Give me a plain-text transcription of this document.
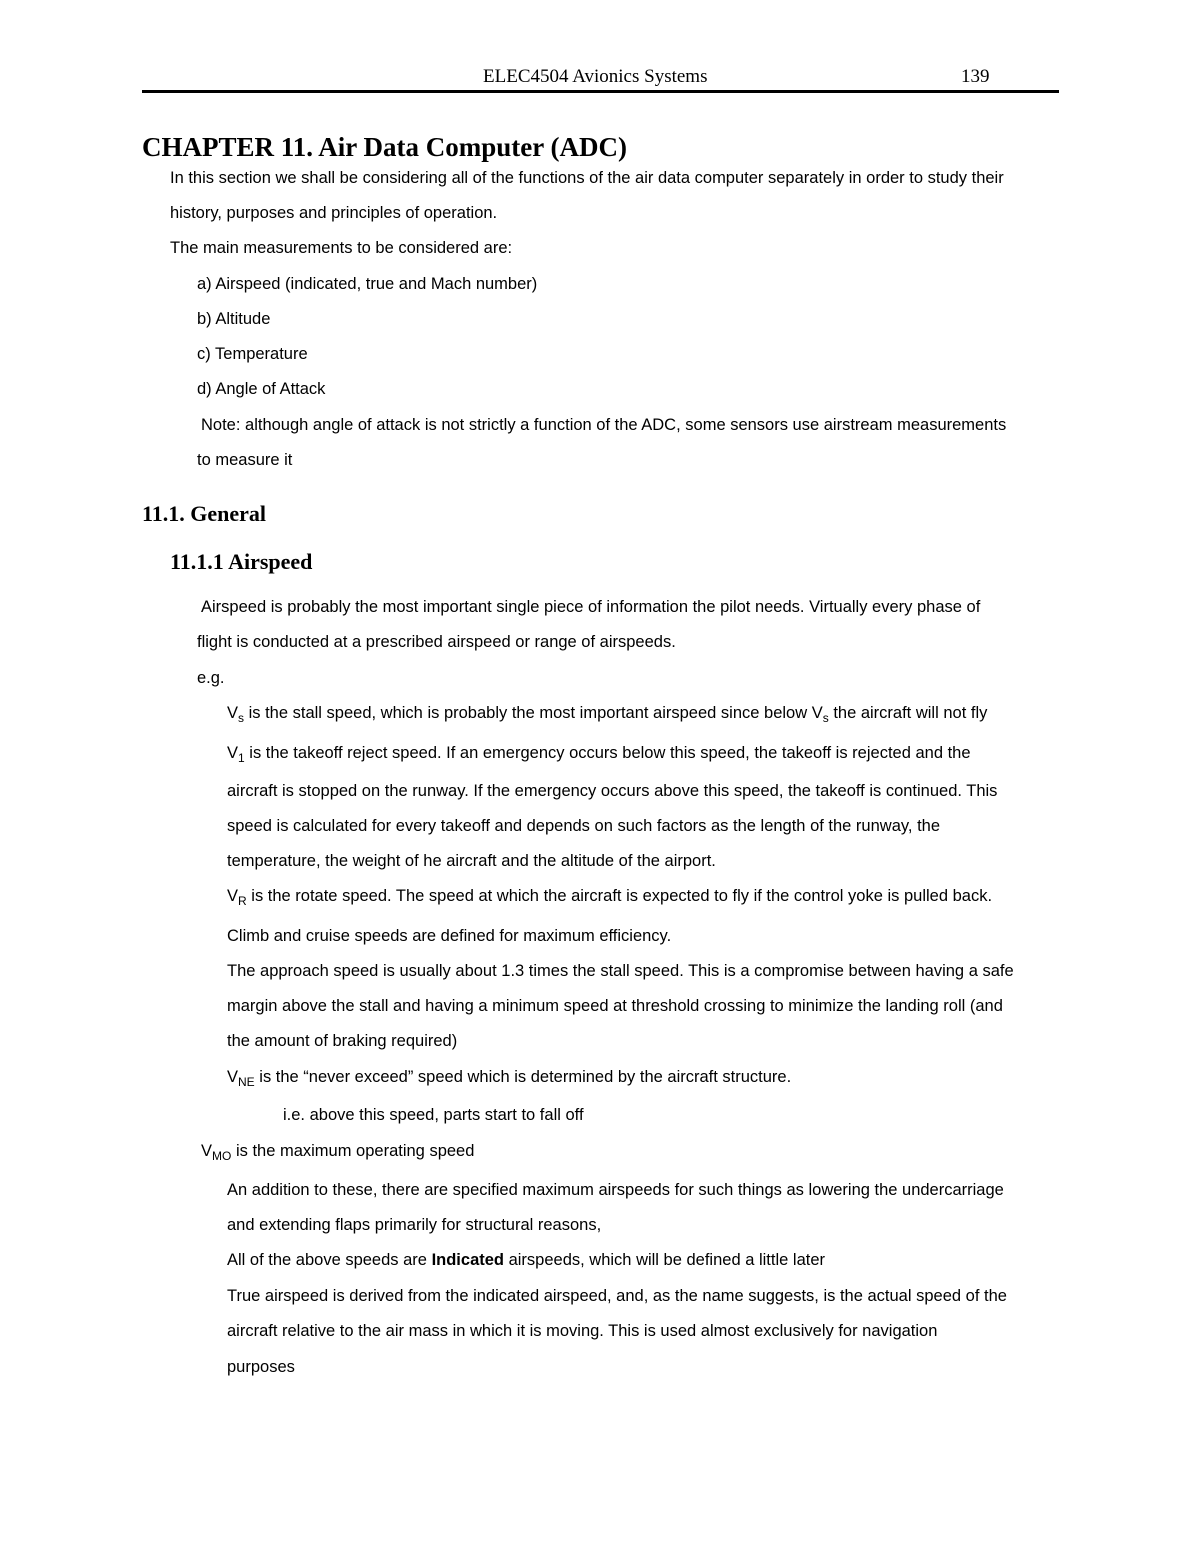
ELEC4504 Avionics Systems	139
CHAPTER 11. Air Data Computer (ADC)
In this section we shall be considering all of the functions of the air data computer separately in order to study their
history, purposes and principles of operation.
The main measurements to be considered are:
a) Airspeed (indicated, true and Mach number)
b) Altitude
c) Temperature
d) Angle of Attack
Note: although angle of attack is not strictly a function of the ADC, some sensors use airstream measurements
to measure it
11.1. General
11.1.1 Airspeed
Airspeed is probably the most important single piece of information the pilot needs. Virtually every phase of
flight is conducted at a prescribed airspeed or range of airspeeds.
e.g.
$V_s$ is the stall speed, which is probably the most important airspeed since below $V_s$ the aircraft will not fly
$V_1$ is the takeoff reject speed. If an emergency occurs below this speed, the takeoff is rejected and the
aircraft is stopped on the runway. If the emergency occurs above this speed, the takeoff is continued. This
speed is calculated for every takeoff and depends on such factors as the length of the runway, the
temperature, the weight of he aircraft and the altitude of the airport.
$V_R$ is the rotate speed. The speed at which the aircraft is expected to fly if the control yoke is pulled back.
Climb and cruise speeds are defined for maximum efficiency.
The approach speed is usually about 1.3 times the stall speed. This is a compromise between having a safe
margin above the stall and having a minimum speed at threshold crossing to minimize the landing roll (and
the amount of braking required)
$V_{NE}$ is the “never exceed” speed which is determined by the aircraft structure.
i.e. above this speed, parts start to fall off
$V_{MO}$ is the maximum operating speed
An addition to these, there are specified maximum airspeeds for such things as lowering the undercarriage
and extending flaps primarily for structural reasons,
All of the above speeds are Indicated airspeeds, which will be defined a little later
True airspeed is derived from the indicated airspeed, and, as the name suggests, is the actual speed of the
aircraft relative to the air mass in which it is moving. This is used almost exclusively for navigation
purposes
